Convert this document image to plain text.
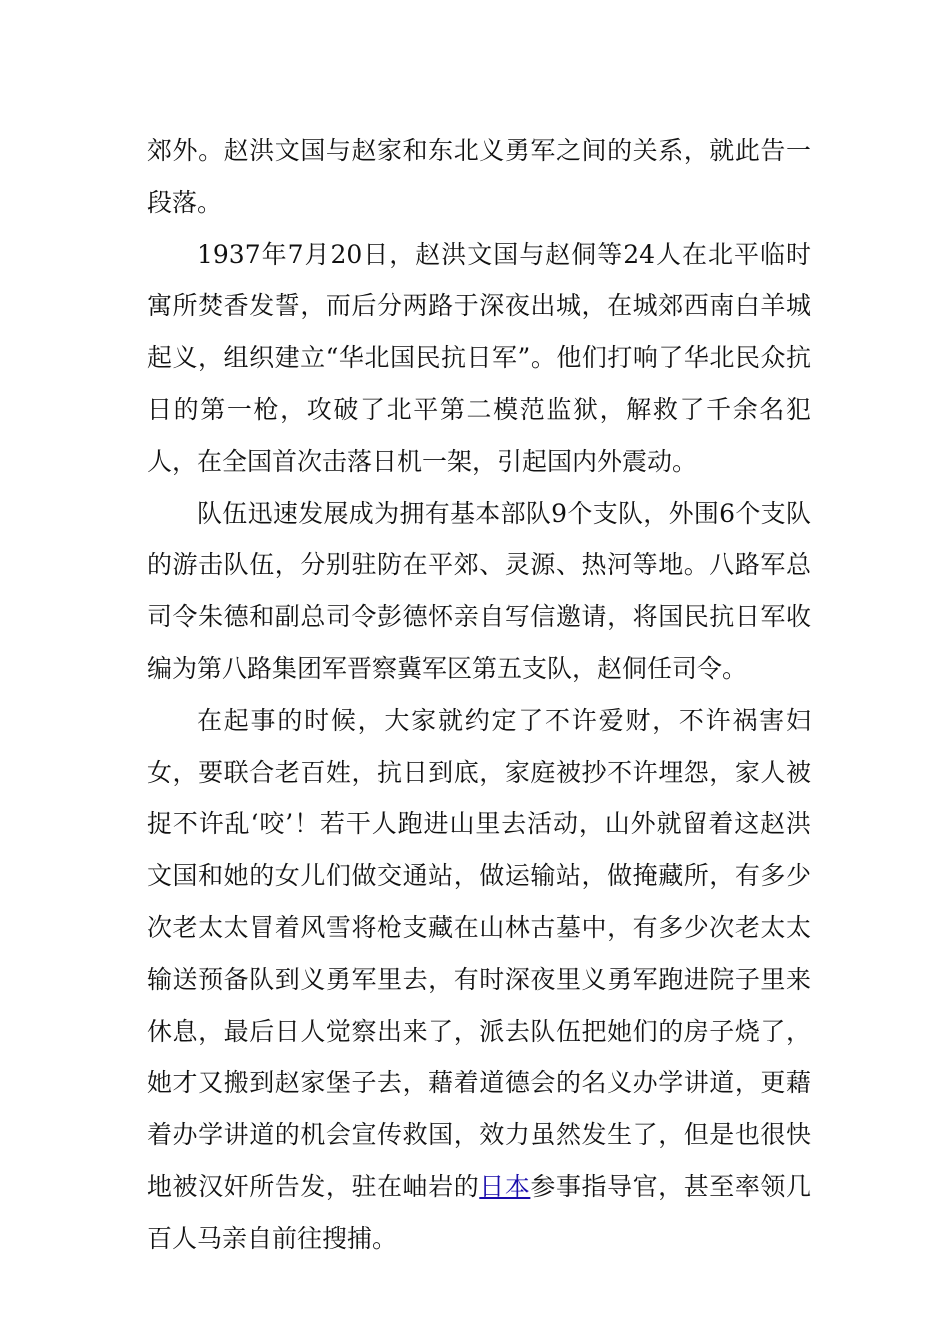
郊外。赵洪文国与赵家和东北义勇军之间的关系，就此告一段落。

1937年7月20日，赵洪文国与赵侗等24人在北平临时寓所焚香发誓，而后分两路于深夜出城，在城郊西南白羊城起义，组织建立“华北国民抗日军”。他们打响了华北民众抗日的第一枪，攻破了北平第二模范监狱，解救了千余名犯人，在全国首次击落日机一架，引起国内外震动。

队伍迅速发展成为拥有基本部队9个支队，外围6个支队的游击队伍，分别驻防在平郊、灵源、热河等地。八路军总司令朱德和副总司令彭德怀亲自写信邀请，将国民抗日军收编为第八路集团军晋察冀军区第五支队，赵侗任司令。

在起事的时候，大家就约定了不许爱财，不许祸害妇女，要联合老百姓，抗日到底，家庭被抄不许埋怨，家人被捉不许乱‘咬’！若干人跑进山里去活动，山外就留着这赵洪文国和她的女儿们做交通站，做运输站，做掩藏所，有多少次老太太冒着风雪将枪支藏在山林古墓中，有多少次老太太输送预备队到义勇军里去，有时深夜里义勇军跑进院子里来休息，最后日人觉察出来了，派去队伍把她们的房子烧了，她才又搬到赵家堡子去，藉着道德会的名义办学讲道，更藉着办学讲道的机会宣传救国，效力虽然发生了，但是也很快地被汉奸所告发，驻在岫岩的日本参事指导官，甚至率领几百人马亲自前往搜捕。
